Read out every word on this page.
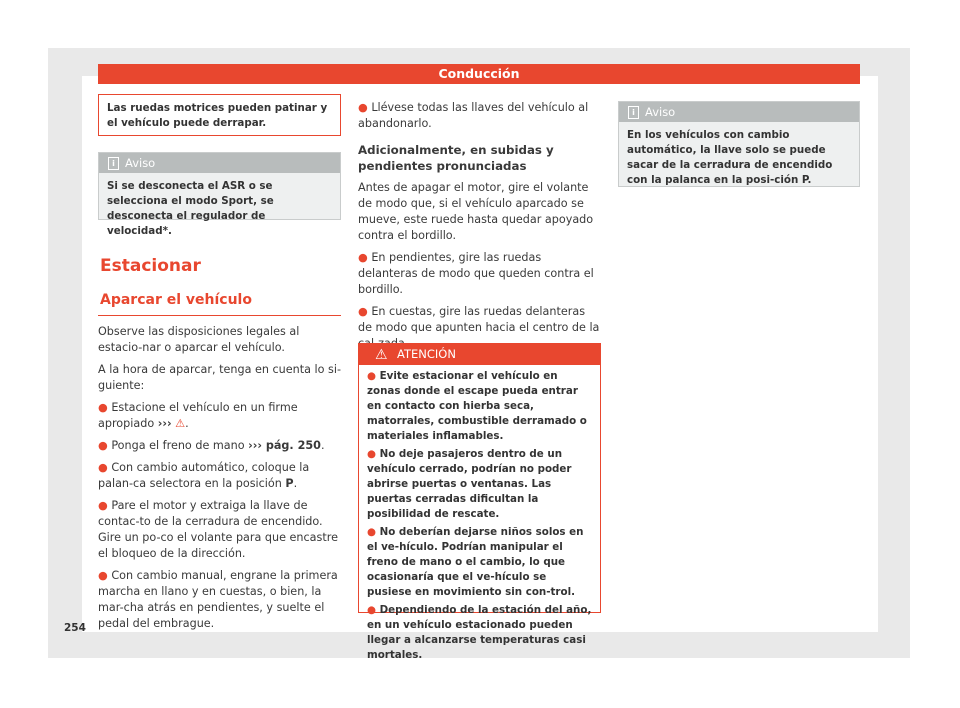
Conducción
Las ruedas motrices pueden patinar y el vehículo puede derrapar.
i Aviso
Si se desconecta el ASR o se selecciona el modo Sport, se desconecta el regulador de velocidad*.
Estacionar
Aparcar el vehículo

Observe las disposiciones legales al estacio-nar o aparcar el vehículo.

A la hora de aparcar, tenga en cuenta lo si-guiente:

● Estacione el vehículo en un firme apropiado ››› ⚠.

● Ponga el freno de mano ››› pág. 250.

● Con cambio automático, coloque la palan-ca selectora en la posición P.

● Pare el motor y extraiga la llave de contac-to de la cerradura de encendido. Gire un po-co el volante para que encastre el bloqueo de la dirección.

● Con cambio manual, engrane la primera marcha en llano y en cuestas, o bien, la mar-cha atrás en pendientes, y suelte el pedal del embrague.

● Llévese todas las llaves del vehículo al abandonarlo.

Adicionalmente, en subidas y pendientes pronunciadas

Antes de apagar el motor, gire el volante de modo que, si el vehículo aparcado se mueve, este ruede hasta quedar apoyado contra el bordillo.

● En pendientes, gire las ruedas delanteras de modo que queden contra el bordillo.

● En cuestas, gire las ruedas delanteras de modo que apunten hacia el centro de la

⚠ ATENCIÓN

● Evite estacionar el vehículo en zonas donde el escape pueda entrar en contacto con hierba seca, matorrales, combustible derramado o materiales inflamables.

● No deje pasajeros dentro de un vehículo cerrado, podrían no poder abrirse puertas o ventanas. Las puertas cerradas dificultan la posibilidad de rescate.

● No deberían dejarse niños solos en el ve-hículo. Podrían manipular el freno de mano o el cambio, lo que ocasionaría que el ve-hículo se pusiese en movimiento sin con-trol.

● Dependiendo de la estación del año, en un vehículo estacionado pueden llegar a alcanzarse temperaturas casi mortales.

i Aviso
En los vehículos con cambio automático, la llave solo se puede sacar de la cerradura de encendido con la palanca en la posi-ción P.
254
